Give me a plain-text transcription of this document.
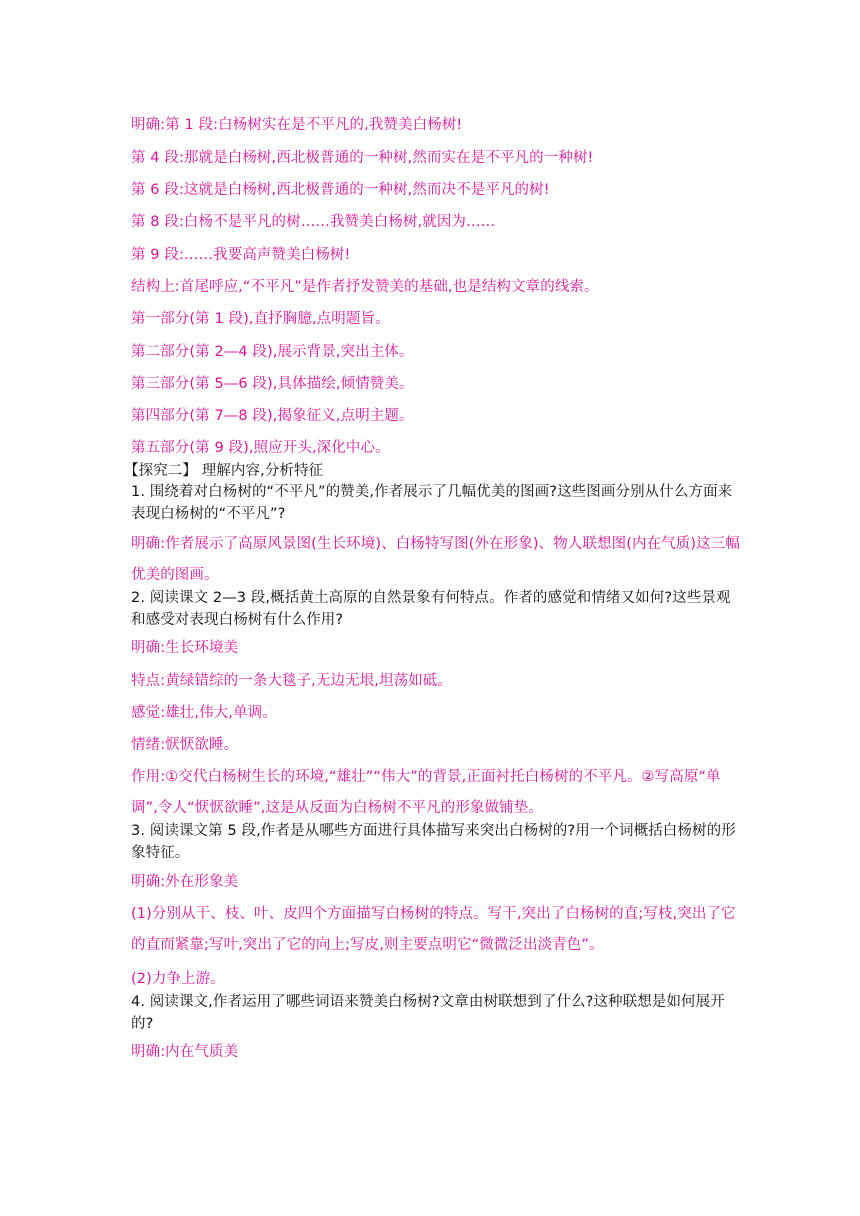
明确:第 1 段:白杨树实在是不平凡的,我赞美白杨树!
第 4 段:那就是白杨树,西北极普通的一种树,然而实在是不平凡的一种树!
第 6 段:这就是白杨树,西北极普通的一种树,然而决不是平凡的树!
第 8 段:白杨不是平凡的树……我赞美白杨树,就因为……
第 9 段:……我要高声赞美白杨树!
结构上:首尾呼应,“不平凡”是作者抒发赞美的基础,也是结构文章的线索。
第一部分(第 1 段),直抒胸臆,点明题旨。
第二部分(第 2—4 段),展示背景,突出主体。
第三部分(第 5—6 段),具体描绘,倾情赞美。
第四部分(第 7—8 段),揭象征义,点明主题。
第五部分(第 9 段),照应开头,深化中心。
【探究二】 理解内容,分析特征
1. 围绕着对白杨树的“不平凡”的赞美,作者展示了几幅优美的图画?这些图画分别从什么方面来表现白杨树的“不平凡”?
明确:作者展示了高原风景图(生长环境)、白杨特写图(外在形象)、物人联想图(内在气质)这三幅优美的图画。
2. 阅读课文 2—3 段,概括黄土高原的自然景象有何特点。作者的感觉和情绪又如何?这些景观和感受对表现白杨树有什么作用?
明确:生长环境美
特点:黄绿错综的一条大毯子,无边无垠,坦荡如砥。
感觉:雄壮,伟大,单调。
情绪:恹恹欲睡。
作用:①交代白杨树生长的环境,“雄壮”“伟大”的背景,正面衬托白杨树的不平凡。②写高原“单调”,令人“恹恹欲睡”,这是从反面为白杨树不平凡的形象做铺垫。
3. 阅读课文第 5 段,作者是从哪些方面进行具体描写来突出白杨树的?用一个词概括白杨树的形象特征。
明确:外在形象美
(1)分别从干、枝、叶、皮四个方面描写白杨树的特点。写干,突出了白杨树的直;写枝,突出了它的直而紧靠;写叶,突出了它的向上;写皮,则主要点明它“微微泛出淡青色”。
(2)力争上游。
4. 阅读课文,作者运用了哪些词语来赞美白杨树?文章由树联想到了什么?这种联想是如何展开的?
明确:内在气质美
